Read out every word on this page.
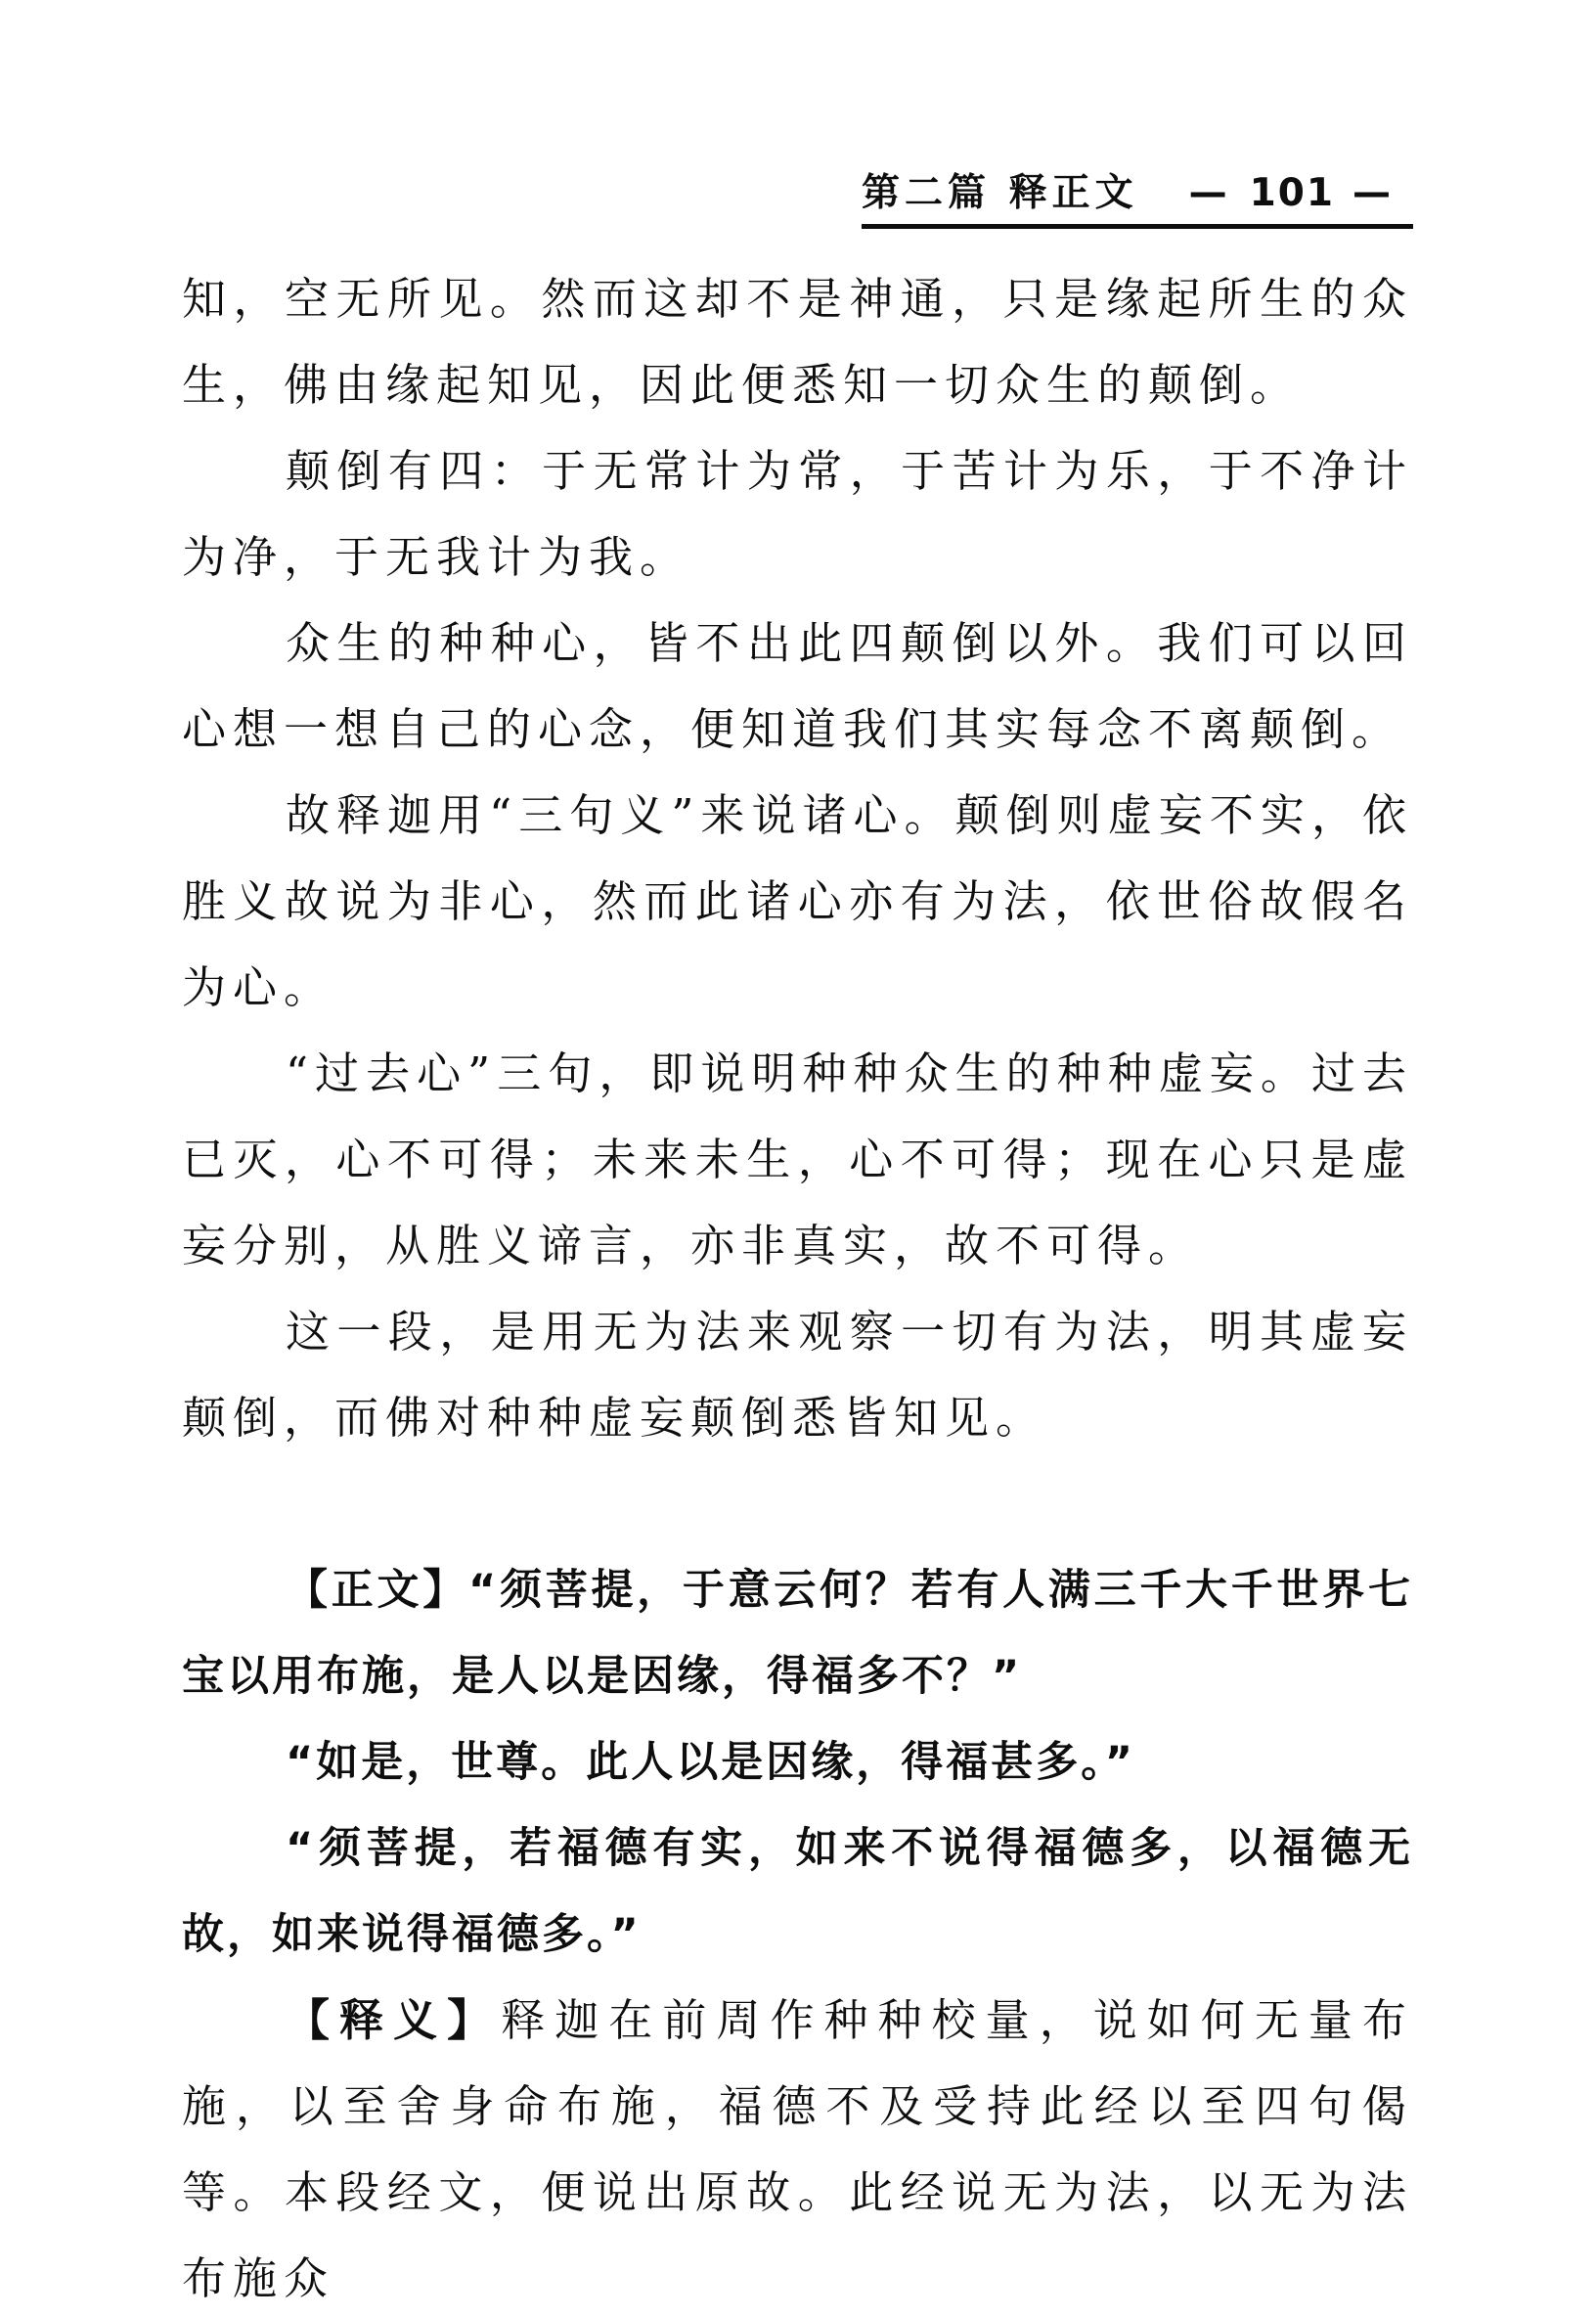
第二篇 释正文 — 101 —

知，空无所见。然而这却不是神通，只是缘起所生的众生，佛由缘起知见，因此便悉知一切众生的颠倒。

颠倒有四：于无常计为常，于苦计为乐，于不净计为净，于无我计为我。

众生的种种心，皆不出此四颠倒以外。我们可以回心想一想自己的心念，便知道我们其实每念不离颠倒。

故释迦用“三句义”来说诸心。颠倒则虚妄不实，依胜义故说为非心，然而此诸心亦有为法，依世俗故假名为心。

“过去心”三句，即说明种种众生的种种虚妄。过去已灭，心不可得；未来未生，心不可得；现在心只是虚妄分别，从胜义谛言，亦非真实，故不可得。

这一段，是用无为法来观察一切有为法，明其虚妄颠倒，而佛对种种虚妄颠倒悉皆知见。

【正文】“须菩提，于意云何？若有人满三千大千世界七宝以用布施，是人以是因缘，得福多不？”

“如是，世尊。此人以是因缘，得福甚多。”

“须菩提，若福德有实，如来不说得福德多，以福德无故，如来说得福德多。”

【释义】释迦在前周作种种校量，说如何无量布施，以至舍身命布施，福德不及受持此经以至四句偈等。本段经文，便说出原故。此经说无为法，以无为法布施众
